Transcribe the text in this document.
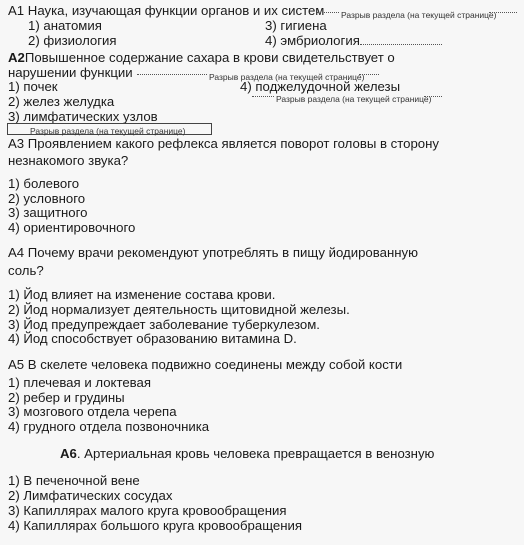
А1 Наука, изучающая функции органов и их систем Разрыв раздела (на текущей странице)
1) анатомия	3) гигиена
2) физиология	4) эмбриология
А2Повышенное содержание сахара в крови свидетельствует о
нарушении функции	Разрыв раздела (на текущей странице)
1) почек	4) поджелудочной железы
2) желез желудка	Разрыв раздела (на текущей странице)
3) лимфатических узлов
Разрыв раздела (на текущей странице)
А3 Проявлением какого рефлекса является поворот головы в сторону
незнакомого звука?
1) болевого
2) условного
3) защитного
4) ориентировочного
А4 Почему врачи рекомендуют употреблять в пищу йодированную
соль?
1) Йод влияет на изменение состава крови.
2) Йод нормализует деятельность щитовидной железы.
3) Йод предупреждает заболевание туберкулезом.
4) Йод способствует образованию витамина D.
А5 В скелете человека подвижно соединены между собой кости
1) плечевая и локтевая
2) ребер и грудины
3) мозгового отдела черепа
4) грудного отдела позвоночника
А6. Артериальная кровь человека превращается в венозную
1) В печеночной вене
2) Лимфатических сосудах
3) Капиллярах малого круга кровообращения
4) Капиллярах большого круга кровообращения
